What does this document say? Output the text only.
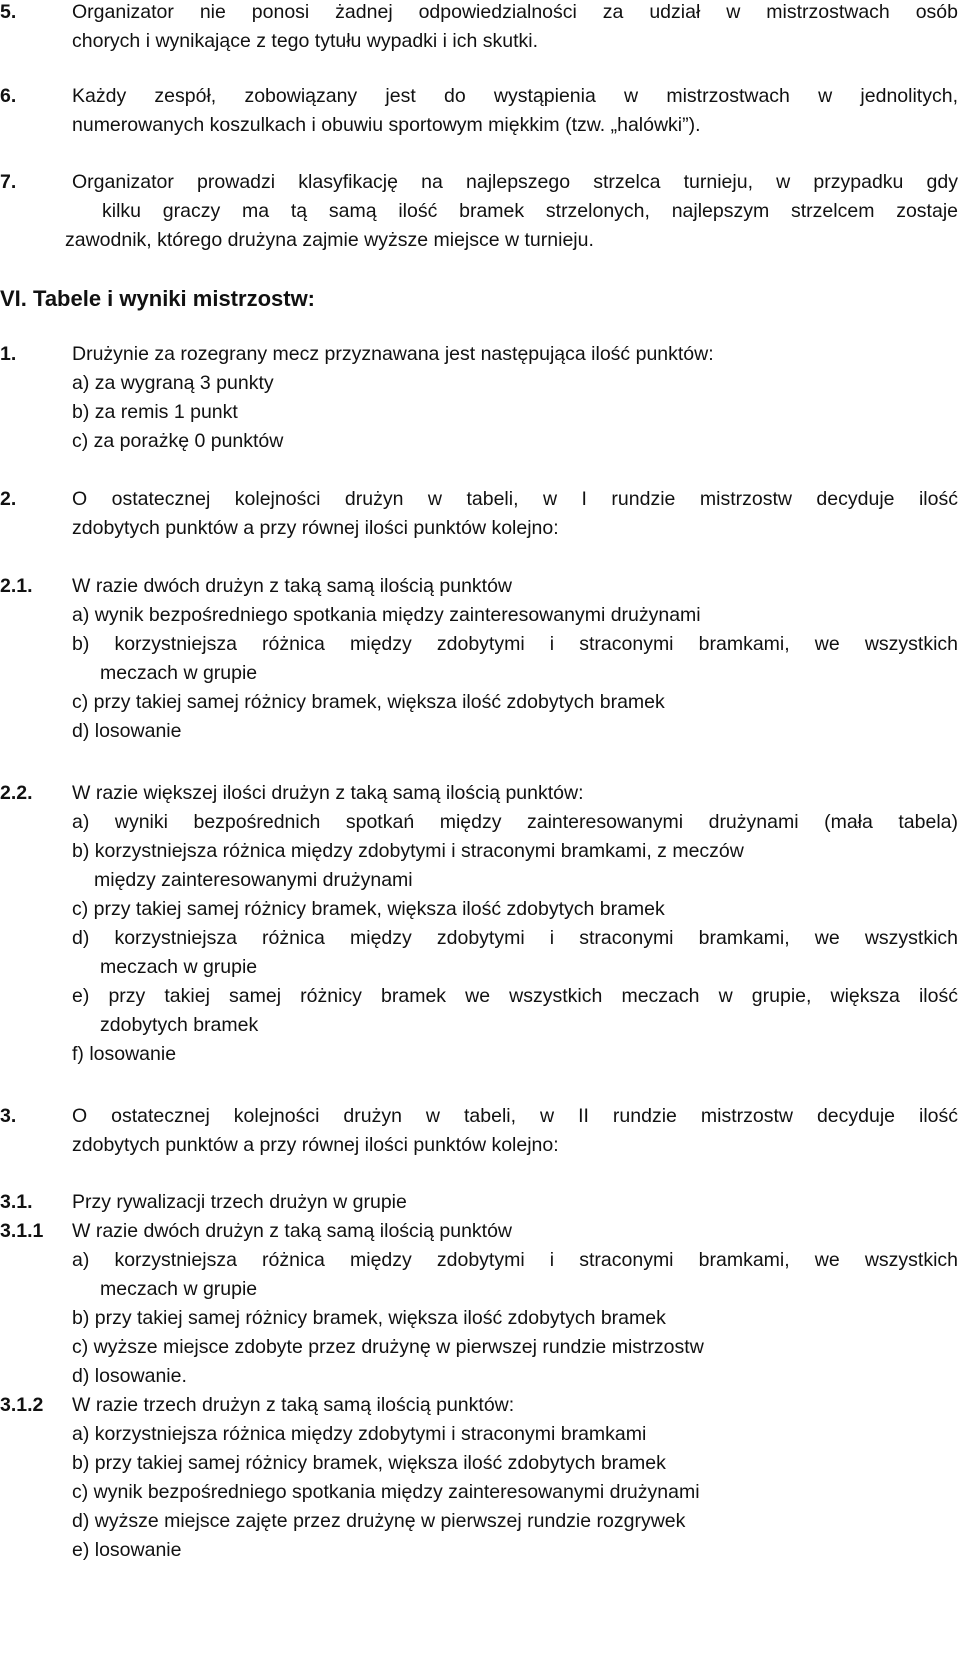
5.	Organizator nie ponosi żadnej odpowiedzialności za udział w mistrzostwach osób

chorych i wynikające z tego tytułu wypadki i ich skutki.

6.	Każdy zespół, zobowiązany jest do wystąpienia w mistrzostwach w jednolitych,

numerowanych koszulkach i obuwiu sportowym miękkim (tzw. „halówki”).

7.	Organizator prowadzi klasyfikację na najlepszego strzelca turnieju, w przypadku gdy

kilku graczy ma tą samą ilość bramek strzelonych, najlepszym strzelcem zostaje

zawodnik, którego drużyna zajmie wyższe miejsce w turnieju.

VI. Tabele i wyniki mistrzostw:
1.	Drużynie za rozegrany mecz przyznawana jest następująca ilość punktów:

a) za wygraną 3 punkty

b) za remis 1 punkt

c) za porażkę 0 punktów

2.	O ostatecznej kolejności drużyn w tabeli, w I rundzie mistrzostw decyduje ilość

zdobytych punktów a przy równej ilości punktów kolejno:

2.1. W razie dwóch drużyn z taką samą ilością punktów

a) wynik bezpośredniego spotkania między zainteresowanymi drużynami

b) korzystniejsza różnica między zdobytymi i straconymi bramkami, we wszystkich

meczach w grupie

c) przy takiej samej różnicy bramek, większa ilość zdobytych bramek

d) losowanie

2.2. W razie większej ilości drużyn z taką samą ilością punktów:

a) wyniki bezpośrednich spotkań między zainteresowanymi drużynami (mała tabela)

b) korzystniejsza różnica między zdobytymi i straconymi bramkami, z meczów

między zainteresowanymi drużynami

c) przy takiej samej różnicy bramek, większa ilość zdobytych bramek

d) korzystniejsza różnica między zdobytymi i straconymi bramkami, we wszystkich

meczach w grupie

e) przy takiej samej różnicy bramek we wszystkich meczach w grupie, większa ilość

zdobytych bramek

f) losowanie

3.	O ostatecznej kolejności drużyn w tabeli, w II rundzie mistrzostw decyduje ilość

zdobytych punktów a przy równej ilości punktów kolejno:

3.1. Przy rywalizacji trzech drużyn w grupie

3.1.1 W razie dwóch drużyn z taką samą ilością punktów

a) korzystniejsza różnica między zdobytymi i straconymi bramkami, we wszystkich

meczach w grupie

b) przy takiej samej różnicy bramek, większa ilość zdobytych bramek

c) wyższe miejsce zdobyte przez drużynę w pierwszej rundzie mistrzostw

d) losowanie.

3.1.2 W razie trzech drużyn z taką samą ilością punktów:

a) korzystniejsza różnica między zdobytymi i straconymi bramkami

b) przy takiej samej różnicy bramek, większa ilość zdobytych bramek

c) wynik bezpośredniego spotkania między zainteresowanymi drużynami

d) wyższe miejsce zajęte przez drużynę w pierwszej rundzie rozgrywek

e) losowanie
